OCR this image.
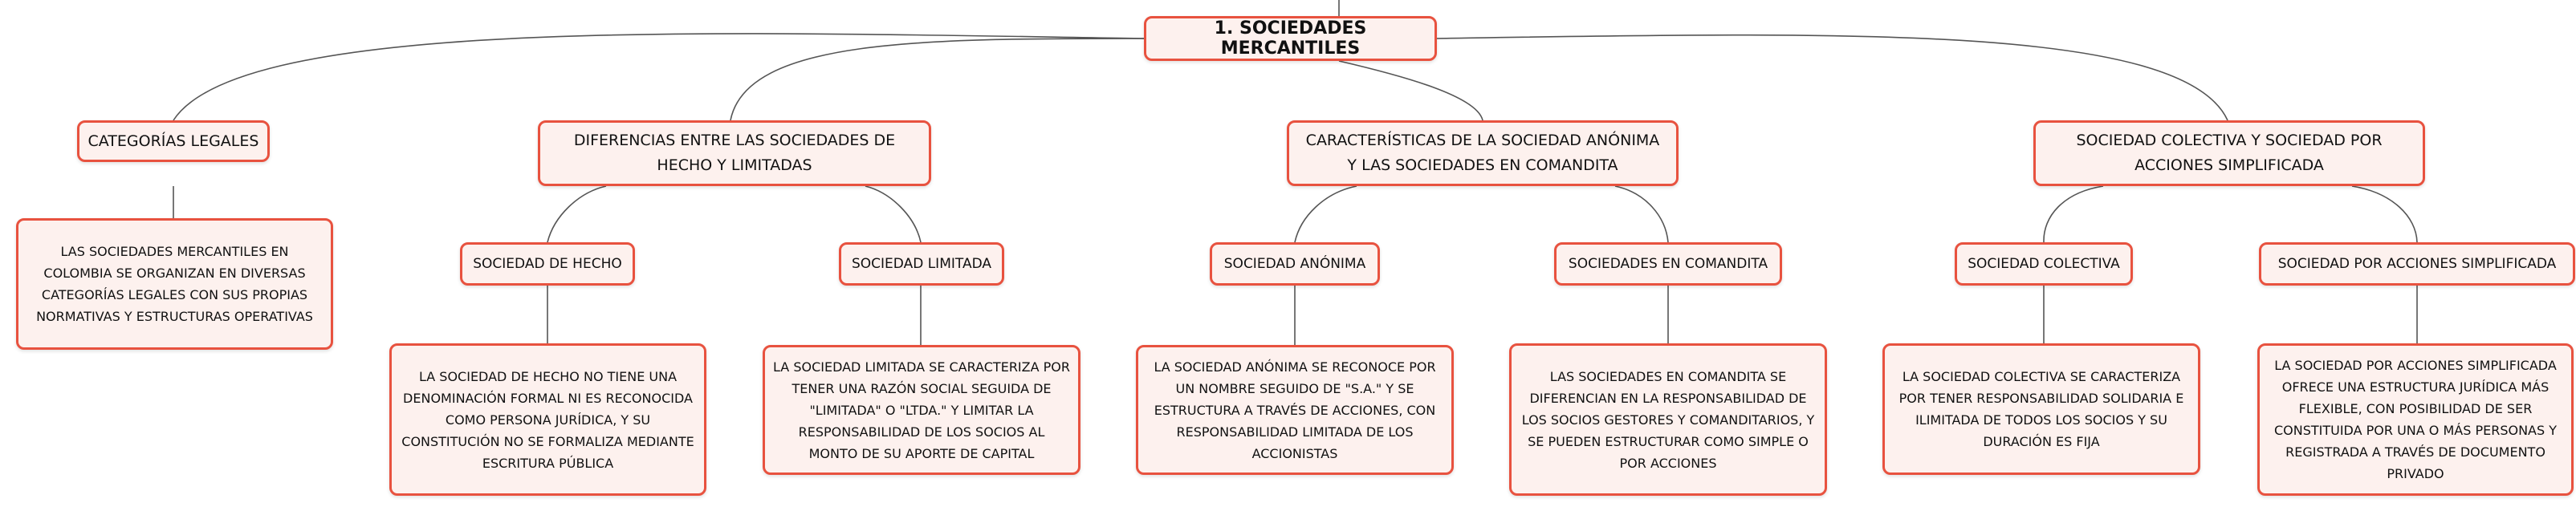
1. SOCIEDADES MERCANTILES
CATEGORÍAS LEGALES	DIFERENCIAS ENTRE LAS SOCIEDADES DE HECHO Y LIMITADAS
CARACTERÍSTICAS DE LA SOCIEDAD ANÓNIMA Y LAS SOCIEDADES EN COMANDITA
SOCIEDAD COLECTIVA Y SOCIEDAD POR ACCIONES SIMPLIFICADA
SOCIEDAD DE HECHO	SOCIEDAD LIMITADA	SOCIEDAD ANÓNIMA	SOCIEDADES EN COMANDITA	SOCIEDAD COLECTIVA	SOCIEDAD POR ACCIONES SIMPLIFICADA
LAS SOCIEDADES MERCANTILES EN COLOMBIA SE ORGANIZAN EN DIVERSAS CATEGORÍAS LEGALES CON SUS PROPIAS NORMATIVAS Y ESTRUCTURAS OPERATIVAS
LA SOCIEDAD DE HECHO NO TIENE UNA DENOMINACIÓN FORMAL NI ES RECONOCIDA COMO PERSONA JURÍDICA, Y SU CONSTITUCIÓN NO SE FORMALIZA MEDIANTE ESCRITURA PÚBLICA
LA SOCIEDAD LIMITADA SE CARACTERIZA POR TENER UNA RAZÓN SOCIAL SEGUIDA DE "LIMITADA" O "LTDA." Y LIMITAR LA RESPONSABILIDAD DE LOS SOCIOS AL MONTO DE SU APORTE DE CAPITAL
LA SOCIEDAD ANÓNIMA SE RECONOCE POR UN NOMBRE SEGUIDO DE "S.A." Y SE ESTRUCTURA A TRAVÉS DE ACCIONES, CON RESPONSABILIDAD LIMITADA DE LOS ACCIONISTAS
LAS SOCIEDADES EN COMANDITA SE DIFERENCIAN EN LA RESPONSABILIDAD DE LOS SOCIOS GESTORES Y COMANDITARIOS, Y SE PUEDEN ESTRUCTURAR COMO SIMPLE O POR ACCIONES
LA SOCIEDAD COLECTIVA SE CARACTERIZA POR TENER RESPONSABILIDAD SOLIDARIA E ILIMITADA DE TODOS LOS SOCIOS Y SU DURACIÓN ES FIJA
LA SOCIEDAD POR ACCIONES SIMPLIFICADA OFRECE UNA ESTRUCTURA JURÍDICA MÁS FLEXIBLE, CON POSIBILIDAD DE SER CONSTITUIDA POR UNA O MÁS PERSONAS Y REGISTRADA A TRAVÉS DE DOCUMENTO PRIVADO
